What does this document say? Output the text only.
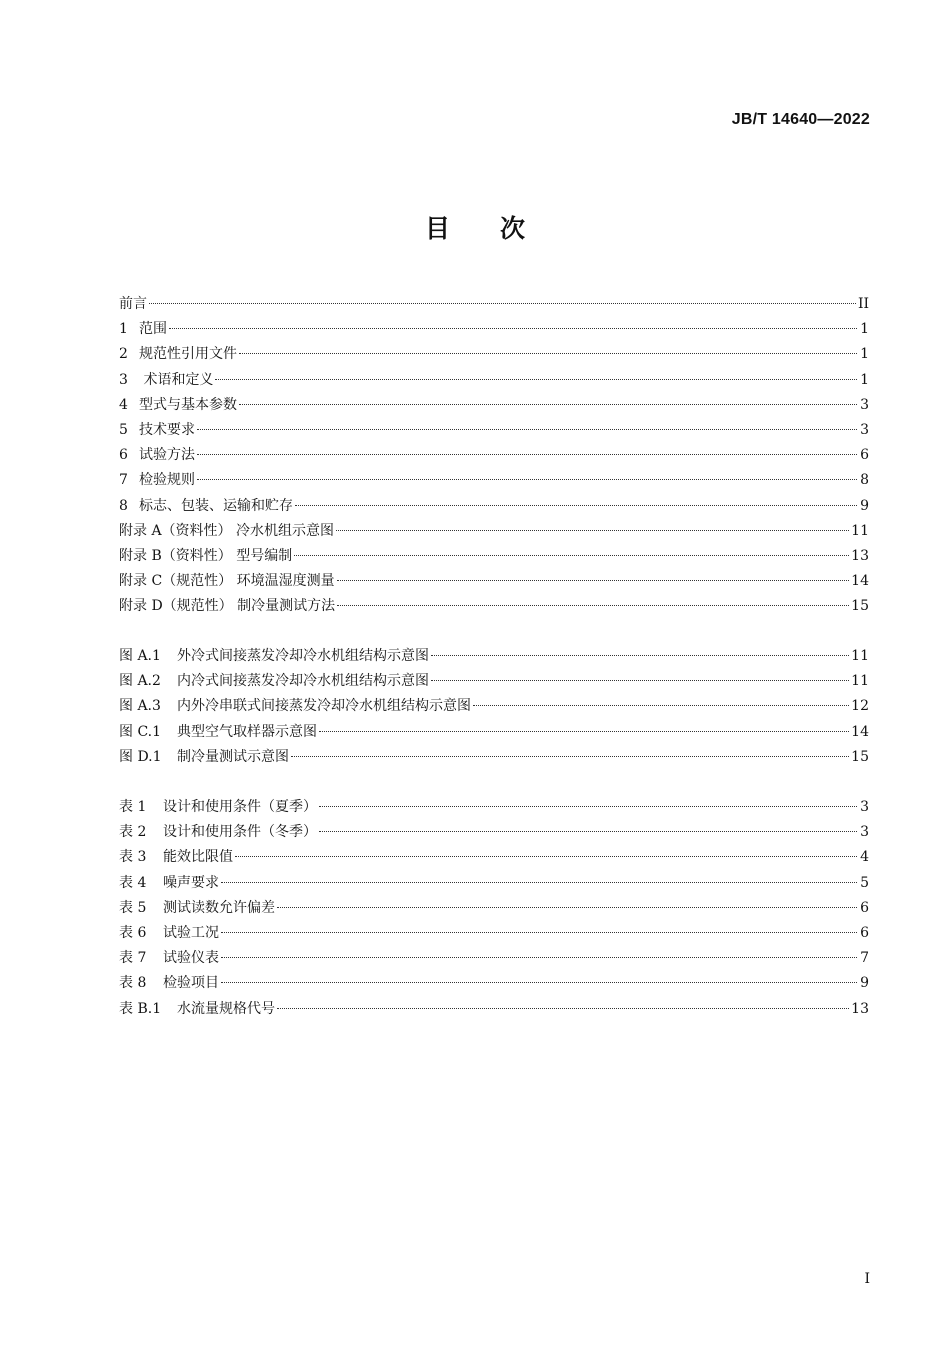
JB/T 14640—2022
目 次
前言	II
1 范围	1
2 规范性引用文件	1
3 术语和定义	1
4 型式与基本参数	3
5 技术要求	3
6 试验方法	6
7 检验规则	8
8 标志、包装、运输和贮存	9
附录 A（资料性） 冷水机组示意图	11
附录 B（资料性） 型号编制	13
附录 C（规范性） 环境温湿度测量	14
附录 D（规范性） 制冷量测试方法	15
图 A.1 外冷式间接蒸发冷却冷水机组结构示意图	11
图 A.2 内冷式间接蒸发冷却冷水机组结构示意图	11
图 A.3 内外冷串联式间接蒸发冷却冷水机组结构示意图	12
图 C.1 典型空气取样器示意图	14
图 D.1 制冷量测试示意图	15
表 1 设计和使用条件（夏季）	3
表 2 设计和使用条件（冬季）	3
表 3 能效比限值	4
表 4 噪声要求	5
表 5 测试读数允许偏差	6
表 6 试验工况	6
表 7 试验仪表	7
表 8 检验项目	9
表 B.1 水流量规格代号	13
I
